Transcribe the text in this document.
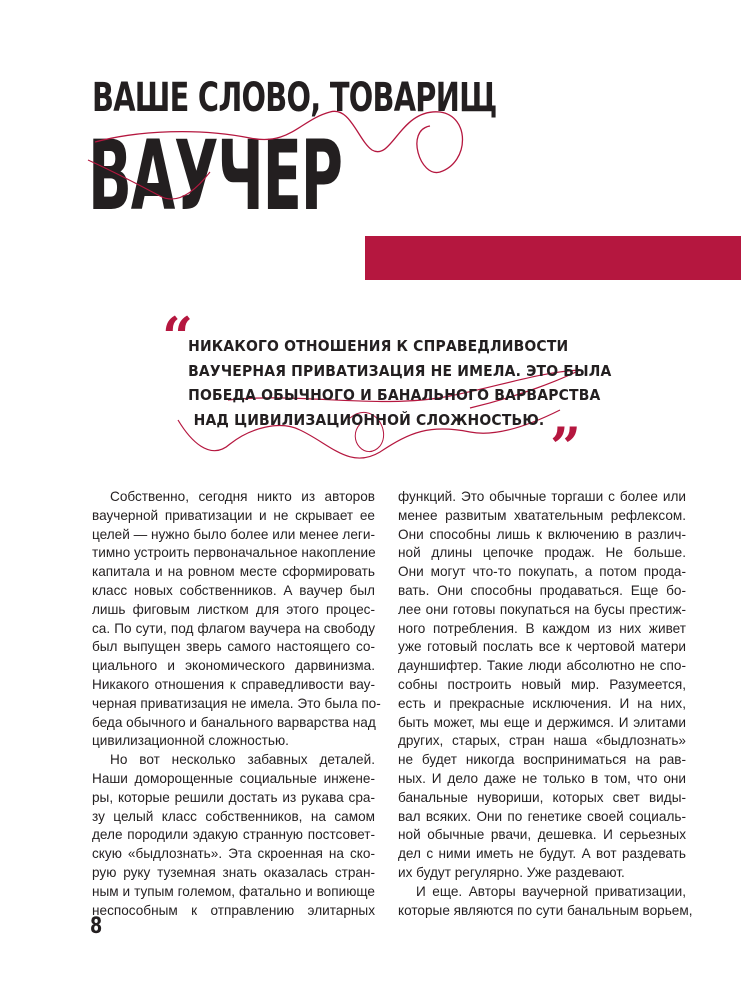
ВАШЕ СЛОВО, ТОВАРИЩ
ВАУЧЕР
“
НИКАКОГО ОТНОШЕНИЯ К СПРАВЕДЛИВОСТИ
ВАУЧЕРНАЯ ПРИВАТИЗАЦИЯ НЕ ИМЕЛА. ЭТО БЫЛА
ПОБЕДА ОБЫЧНОГО И БАНАЛЬНОГО ВАРВАРСТВА
НАД ЦИВИЛИЗАЦИОННОЙ СЛОЖНОСТЬЮ. ”
Собственно, сегодня никто из авторов
ваучерной приватизации и не скрывает ее
целей — нужно было более или менее леги-
тимно устроить первоначальное накопление
капитала и на ровном месте сформировать
класс новых собственников. А ваучер был
лишь фиговым листком для этого процес-
са. По сути, под флагом ваучера на свободу
был выпущен зверь самого настоящего со-
циального и экономического дарвинизма.
Никакого отношения к справедливости вау-
черная приватизация не имела. Это была по-
беда обычного и банального варварства над
цивилизационной сложностью.
Но вот несколько забавных деталей.
Наши доморощенные социальные инжене-
ры, которые решили достать из рукава сра-
зу целый класс собственников, на самом
деле породили эдакую странную постсовет-
скую «быдлознать». Эта скроенная на ско-
рую руку туземная знать оказалась стран-
ным и тупым големом, фатально и вопиюще
неспособным к отправлению элитарных
функций. Это обычные торгаши с более или
менее развитым хватательным рефлексом.
Они способны лишь к включению в различ-
ной длины цепочке продаж. Не больше.
Они могут что-то покупать, а потом прода-
вать. Они способны продаваться. Еще бо-
лее они готовы покупаться на бусы престиж-
ного потребления. В каждом из них живет
уже готовый послать все к чертовой матери
дауншифтер. Такие люди абсолютно не спо-
собны построить новый мир. Разумеется,
есть и прекрасные исключения. И на них,
быть может, мы еще и держимся. И элитами
других, старых, стран наша «быдлознать»
не будет никогда восприниматься на рав-
ных. И дело даже не только в том, что они
банальные нувориши, которых свет виды-
вал всяких. Они по генетике своей социаль-
ной обычные рвачи, дешевка. И серьезных
дел с ними иметь не будут. А вот раздевать
их будут регулярно. Уже раздевают.
И еще. Авторы ваучерной приватизации,
которые являются по сути банальным ворьем,
8
